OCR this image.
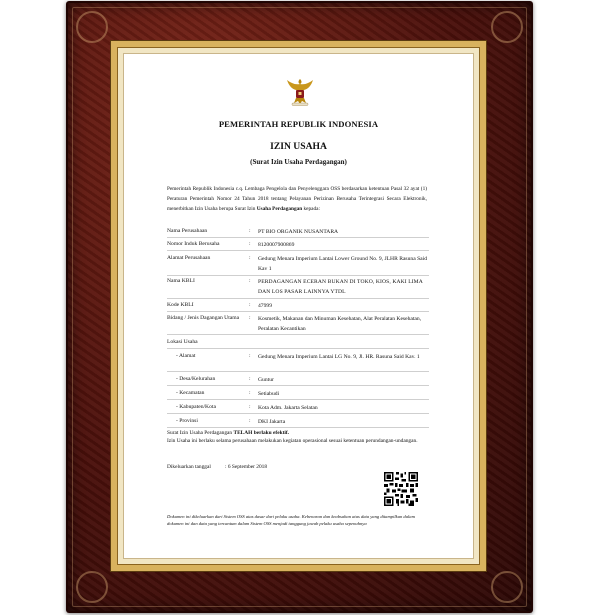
PEMERINTAH REPUBLIK INDONESIA
IZIN USAHA
(Surat Izin Usaha Perdagangan)
Pemerintah Republik Indonesia c.q. Lembaga Pengelola dan Penyelenggara OSS berdasarkan ketentuan Pasal 32 ayat (1) Peraturan Pemerintah Nomor 24 Tahun 2018 tentang Pelayanan Perizinan Berusaha Terintegrasi Secara Elektronik, menerbitkan Izin Usaha berupa Surat Izin Usaha Perdagangan kepada:
Nama Perusahaan	: PT BIO ORGANIK NUSANTARA
Nomor Induk Berusaha	: 8120007900869
Alamat Perusahaan	: Gedung Menara Imperium Lantai Lower Ground No. 9, JLHR Rasuna Said Kav 1
Nama KBLI	: PERDAGANGAN ECERAN BUKAN DI TOKO, KIOS, KAKI LIMA DAN LOS PASAR LAINNYA YTDL
Kode KBLI	: 47999
Bidang / Jenis Dagangan Utama	: Kosmetik, Makanan dan Minuman Kesehatan, Alat Peralatan Kesehatan, Peralatan Kecantikan
Lokasi Usaha
- Alamat	: Gedung Menara Imperium Lantai LG No. 9, Jl. HR. Rasuna Said Kav. 1
- Desa/Kelurahan	: Guntur
- Kecamatan	: Setiabudi
- Kabupaten/Kota	: Kota Adm. Jakarta Selatan
- Provinsi	: DKI Jakarta
Surat Izin Usaha Perdagangan TELAH berlaku efektif.
Izin Usaha ini berlaku selama perusahaan melakukan kegiatan operasional sesuai ketentuan perundangan-undangan.
Dikeluarkan tanggal	: 6 September 2018
Dokumen ini dikeluarkan dari Sistem OSS atas dasar dari pelaku usaha. Kebenaran dan keabsahan atas data yang ditampilkan dalam dokumen ini dan data yang tercantum dalam Sistem OSS menjadi tanggung jawab pelaku usaha sepenuhnya
